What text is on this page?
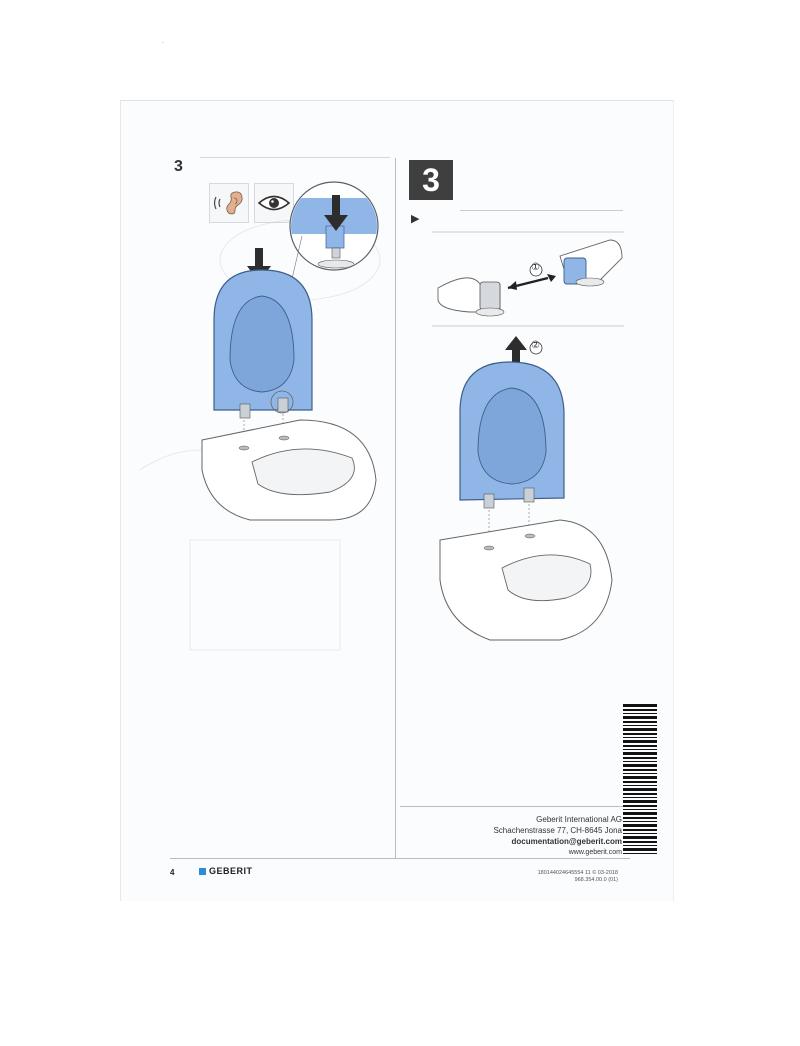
·
3	3
▶
①
②
Geberit International AG
Schachenstrasse 77, CH-8645 Jona
documentation@geberit.com
www.geberit.com
4	GEBERIT	180144024645554 11 © 03-2018
968.354.00.0 (01)
